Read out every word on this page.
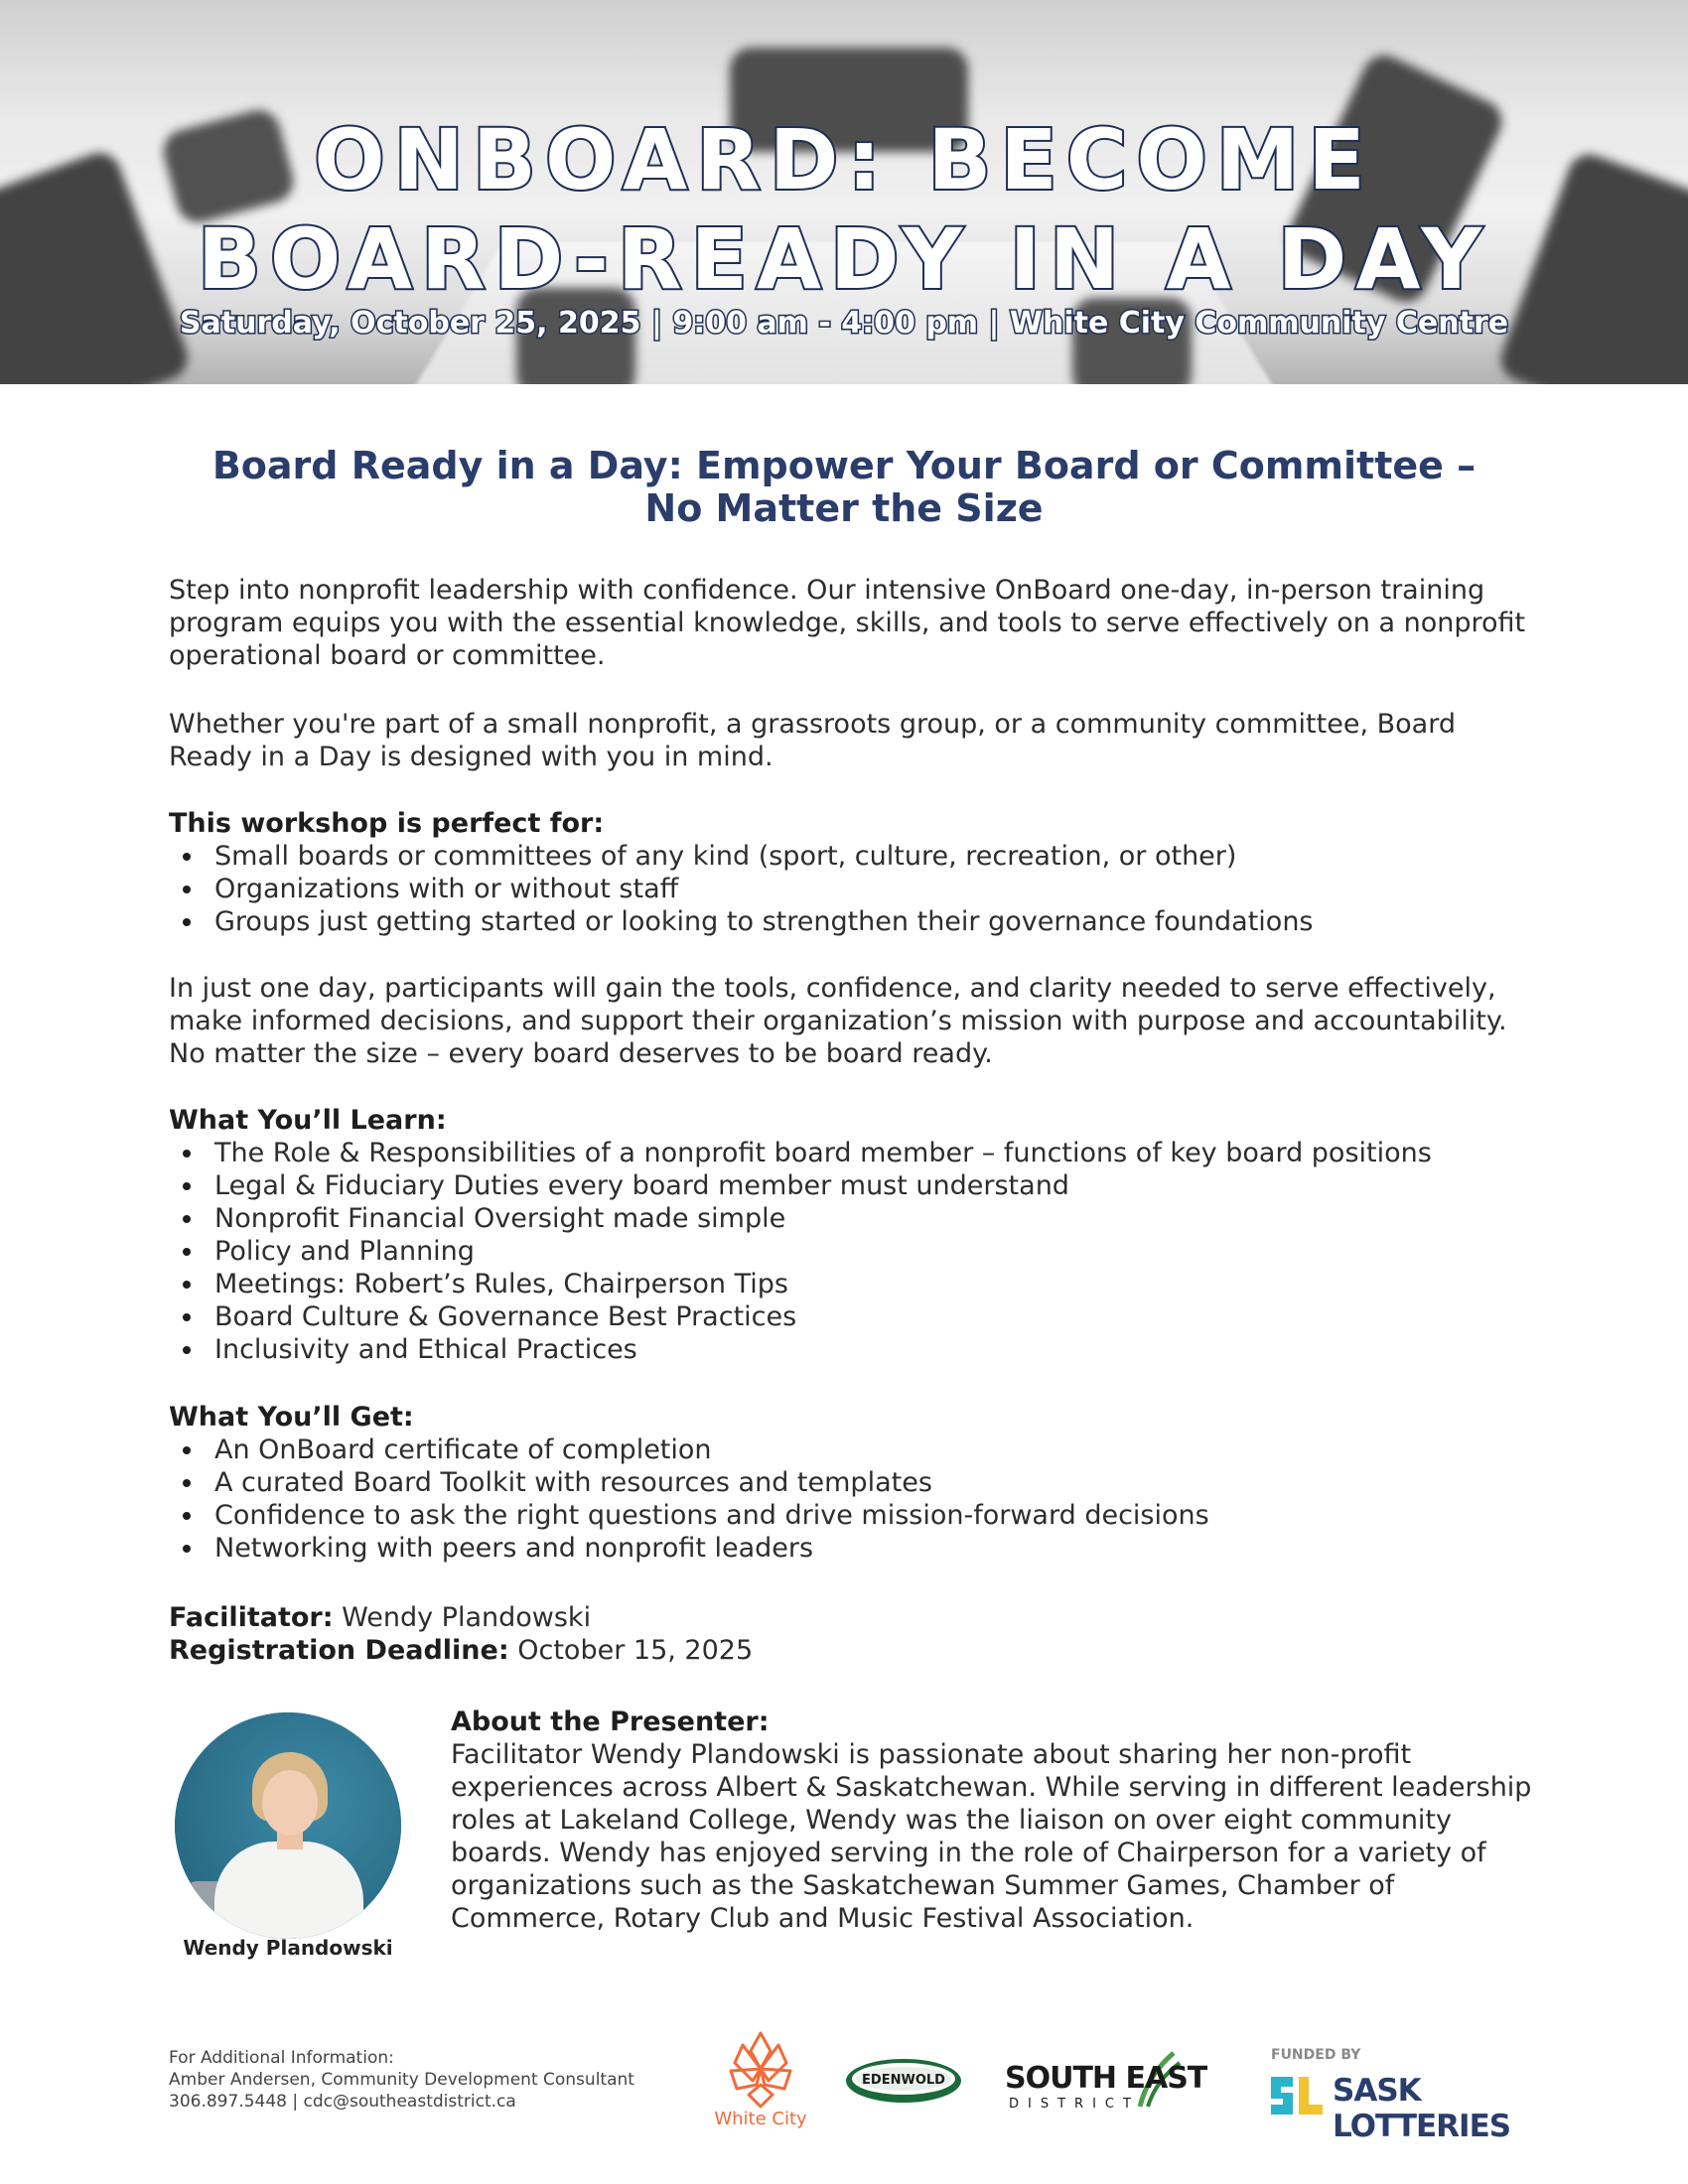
ONBOARD: BECOME
BOARD-READY IN A DAY
Saturday, October 25, 2025 | 9:00 am - 4:00 pm | White City Community Centre
Board Ready in a Day: Empower Your Board or Committee –
No Matter the Size

Step into nonprofit leadership with confidence. Our intensive OnBoard one-day, in-person training program equips you with the essential knowledge, skills, and tools to serve effectively on a nonprofit operational board or committee.

Whether you're part of a small nonprofit, a grassroots group, or a community committee, Board Ready in a Day is designed with you in mind.

This workshop is perfect for:
Small boards or committees of any kind (sport, culture, recreation, or other)
Organizations with or without staff
Groups just getting started or looking to strengthen their governance foundations

In just one day, participants will gain the tools, confidence, and clarity needed to serve effectively, make informed decisions, and support their organization’s mission with purpose and accountability. No matter the size – every board deserves to be board ready.

What You’ll Learn:
The Role & Responsibilities of a nonprofit board member – functions of key board positions
Legal & Fiduciary Duties every board member must understand
Nonprofit Financial Oversight made simple
Policy and Planning
Meetings: Robert’s Rules, Chairperson Tips
Board Culture & Governance Best Practices
Inclusivity and Ethical Practices
What You’ll Get:
An OnBoard certificate of completion
A curated Board Toolkit with resources and templates
Confidence to ask the right questions and drive mission-forward decisions
Networking with peers and nonprofit leaders
Facilitator: Wendy Plandowski
Registration Deadline: October 15, 2025
Wendy Plandowski
About the Presenter:

Facilitator Wendy Plandowski is passionate about sharing her non-profit experiences across Albert & Saskatchewan. While serving in different leadership roles at Lakeland College, Wendy was the liaison on over eight community boards. Wendy has enjoyed serving in the role of Chairperson for a variety of organizations such as the Saskatchewan Summer Games, Chamber of Commerce, Rotary Club and Music Festival Association.

For Additional Information:
Amber Andersen, Community Development Consultant
306.897.5448 | cdc@southeastdistrict.ca
White City
EDENWOLD SOUTH EAST
DISTRICT
FUNDED BY
SASK LOTTERIES
